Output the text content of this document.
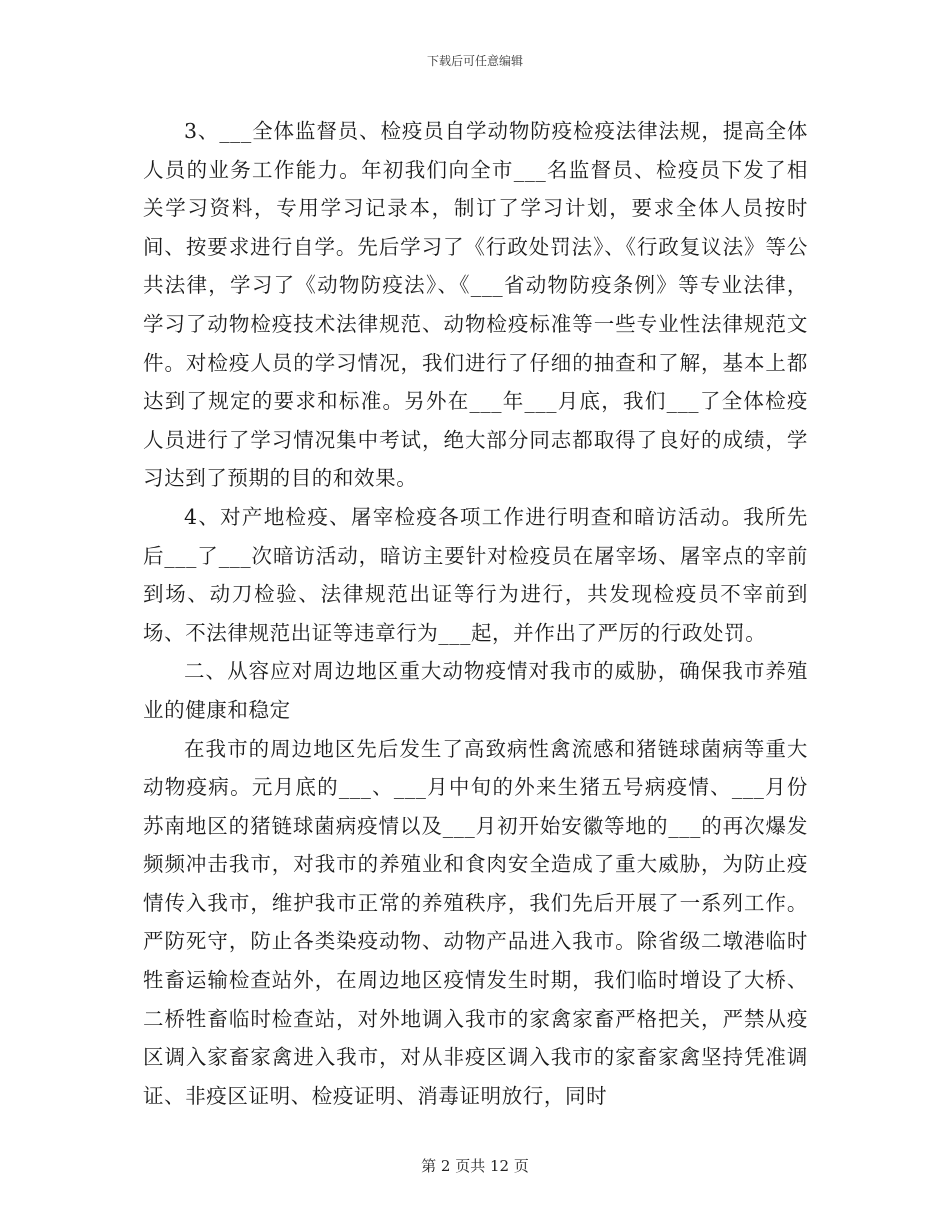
下载后可任意编辑

3、___全体监督员、检疫员自学动物防疫检疫法律法规，提高全体人员的业务工作能力。年初我们向全市___名监督员、检疫员下发了相关学习资料，专用学习记录本，制订了学习计划，要求全体人员按时间、按要求进行自学。先后学习了《行政处罚法》、《行政复议法》等公共法律，学习了《动物防疫法》、《___省动物防疫条例》等专业法律，学习了动物检疫技术法律规范、动物检疫标准等一些专业性法律规范文件。对检疫人员的学习情况，我们进行了仔细的抽查和了解，基本上都达到了规定的要求和标准。另外在___年___月底，我们___了全体检疫人员进行了学习情况集中考试，绝大部分同志都取得了良好的成绩，学习达到了预期的目的和效果。

4、对产地检疫、屠宰检疫各项工作进行明查和暗访活动。我所先后___了___次暗访活动，暗访主要针对检疫员在屠宰场、屠宰点的宰前到场、动刀检验、法律规范出证等行为进行，共发现检疫员不宰前到场、不法律规范出证等违章行为___起，并作出了严厉的行政处罚。

二、从容应对周边地区重大动物疫情对我市的威胁，确保我市养殖业的健康和稳定

在我市的周边地区先后发生了高致病性禽流感和猪链球菌病等重大动物疫病。元月底的___、___月中旬的外来生猪五号病疫情、___月份苏南地区的猪链球菌病疫情以及___月初开始安徽等地的___的再次爆发频频冲击我市，对我市的养殖业和食肉安全造成了重大威胁，为防止疫情传入我市，维护我市正常的养殖秩序，我们先后开展了一系列工作。严防死守，防止各类染疫动物、动物产品进入我市。除省级二墩港临时牲畜运输检查站外，在周边地区疫情发生时期，我们临时增设了大桥、二桥牲畜临时检查站，对外地调入我市的家禽家畜严格把关，严禁从疫区调入家畜家禽进入我市，对从非疫区调入我市的家畜家禽坚持凭准调证、非疫区证明、检疫证明、消毒证明放行，同时

第 2 页共 12 页
